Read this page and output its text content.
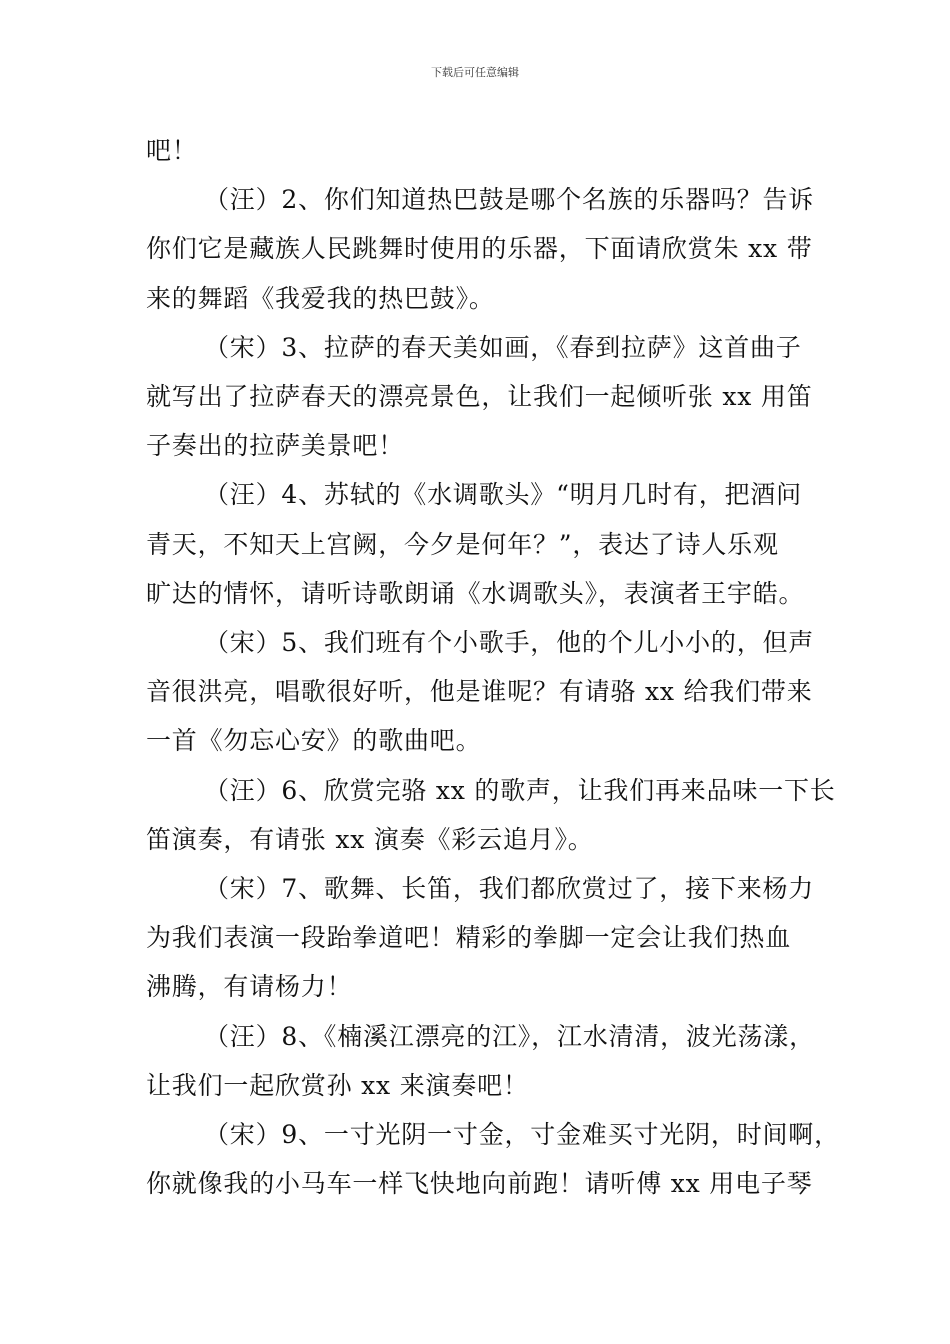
下载后可任意编辑
吧！
（汪）2、你们知道热巴鼓是哪个名族的乐器吗？告诉
你们它是藏族人民跳舞时使用的乐器，下面请欣赏朱 xx 带
来的舞蹈《我爱我的热巴鼓》。
（宋）3、拉萨的春天美如画，《春到拉萨》这首曲子
就写出了拉萨春天的漂亮景色，让我们一起倾听张 xx 用笛
子奏出的拉萨美景吧！
（汪）4、苏轼的《水调歌头》“明月几时有，把酒问
青天，不知天上宫阙，今夕是何年？”，表达了诗人乐观
旷达的情怀，请听诗歌朗诵《水调歌头》，表演者王宇皓。
（宋）5、我们班有个小歌手，他的个儿小小的，但声
音很洪亮，唱歌很好听，他是谁呢？有请骆 xx 给我们带来
一首《勿忘心安》的歌曲吧。
（汪）6、欣赏完骆 xx 的歌声，让我们再来品味一下长
笛演奏，有请张 xx 演奏《彩云追月》。
（宋）7、歌舞、长笛，我们都欣赏过了，接下来杨力
为我们表演一段跆拳道吧！精彩的拳脚一定会让我们热血
沸腾，有请杨力！
（汪）8、《楠溪江漂亮的江》，江水清清，波光荡漾，
让我们一起欣赏孙 xx 来演奏吧！
（宋）9、一寸光阴一寸金，寸金难买寸光阴，时间啊，
你就像我的小马车一样飞快地向前跑！请听傅 xx 用电子琴
